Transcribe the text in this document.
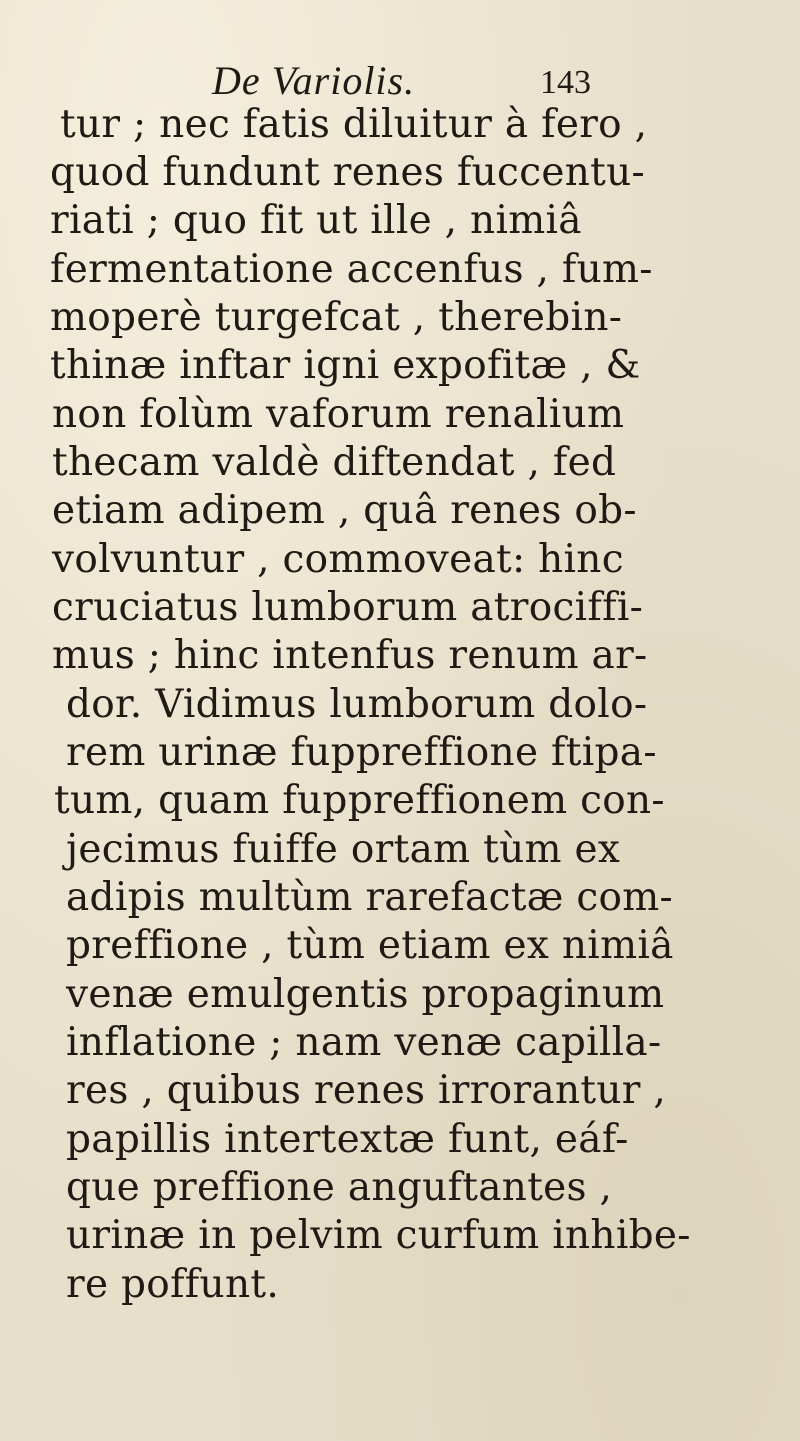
De Variolis.	143
tur ; nec fatis diluitur à fero ,
quod fundunt renes fuccentu-
riati ; quo fit ut ille , nimiâ
fermentatione accenfus , fum-
moperè turgefcat , therebin-
thinæ inftar igni expofitæ , &
non folùm vaforum renalium
thecam valdè diftendat , fed
etiam adipem , quâ renes ob-
volvuntur , commoveat: hinc
cruciatus lumborum atrociffi-
mus ; hinc intenfus renum ar-
dor. Vidimus lumborum dolo-
rem urinæ fuppreffione ftipa-
tum, quam fuppreffionem con-
jecimus fuiffe ortam tùm ex
adipis multùm rarefactæ com-
preffione , tùm etiam ex nimiâ
venæ emulgentis propaginum
inflatione ; nam venæ capilla-
res , quibus renes irrorantur ,
papillis intertextæ funt, eáf-
que preffione anguftantes ,
urinæ in pelvim curfum inhibe-
re poffunt.
